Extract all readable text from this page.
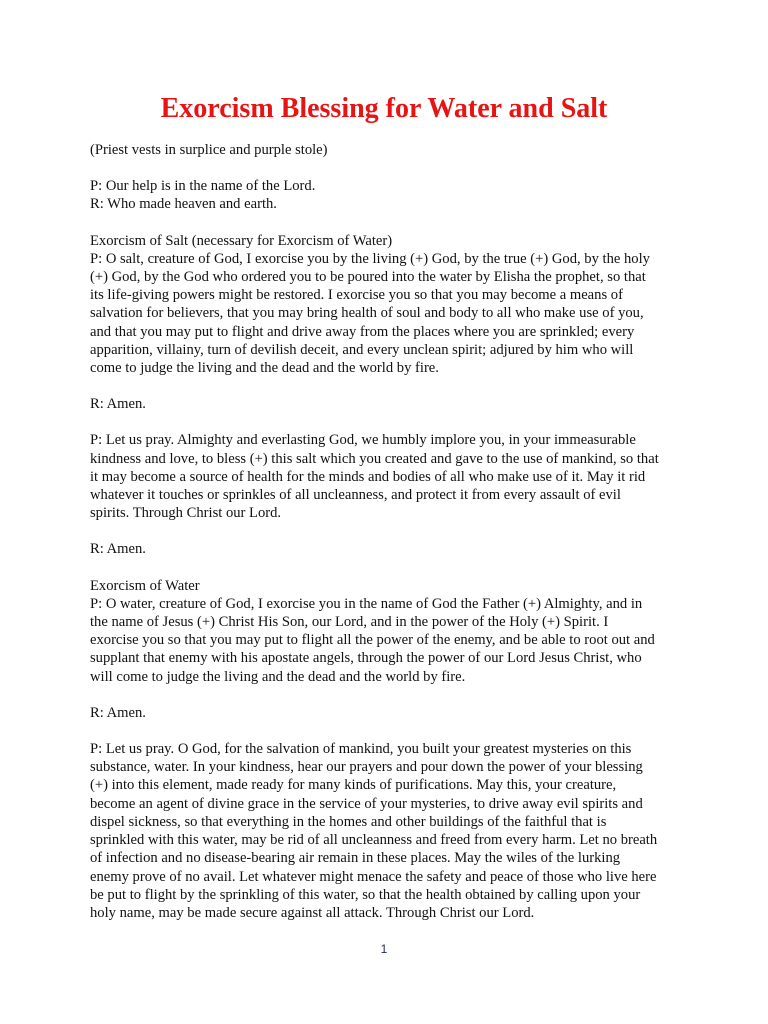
Exorcism Blessing for Water and Salt

(Priest vests in surplice and purple stole)

P: Our help is in the name of the Lord.
R: Who made heaven and earth.

Exorcism of Salt (necessary for Exorcism of Water)
P: O salt, creature of God, I exorcise you by the living (+) God, by the true (+) God, by the holy
(+) God, by the God who ordered you to be poured into the water by Elisha the prophet, so that
its life-giving powers might be restored. I exorcise you so that you may become a means of
salvation for believers, that you may bring health of soul and body to all who make use of you,
and that you may put to flight and drive away from the places where you are sprinkled; every
apparition, villainy, turn of devilish deceit, and every unclean spirit; adjured by him who will
come to judge the living and the dead and the world by fire.

R: Amen.

P: Let us pray. Almighty and everlasting God, we humbly implore you, in your immeasurable
kindness and love, to bless (+) this salt which you created and gave to the use of mankind, so that
it may become a source of health for the minds and bodies of all who make use of it. May it rid
whatever it touches or sprinkles of all uncleanness, and protect it from every assault of evil
spirits. Through Christ our Lord.

R: Amen.

Exorcism of Water
P: O water, creature of God, I exorcise you in the name of God the Father (+) Almighty, and in
the name of Jesus (+) Christ His Son, our Lord, and in the power of the Holy (+) Spirit. I
exorcise you so that you may put to flight all the power of the enemy, and be able to root out and
supplant that enemy with his apostate angels, through the power of our Lord Jesus Christ, who
will come to judge the living and the dead and the world by fire.

R: Amen.

P: Let us pray. O God, for the salvation of mankind, you built your greatest mysteries on this
substance, water. In your kindness, hear our prayers and pour down the power of your blessing
(+) into this element, made ready for many kinds of purifications. May this, your creature,
become an agent of divine grace in the service of your mysteries, to drive away evil spirits and
dispel sickness, so that everything in the homes and other buildings of the faithful that is
sprinkled with this water, may be rid of all uncleanness and freed from every harm. Let no breath
of infection and no disease-bearing air remain in these places. May the wiles of the lurking
enemy prove of no avail. Let whatever might menace the safety and peace of those who live here
be put to flight by the sprinkling of this water, so that the health obtained by calling upon your
holy name, may be made secure against all attack. Through Christ our Lord.

1
